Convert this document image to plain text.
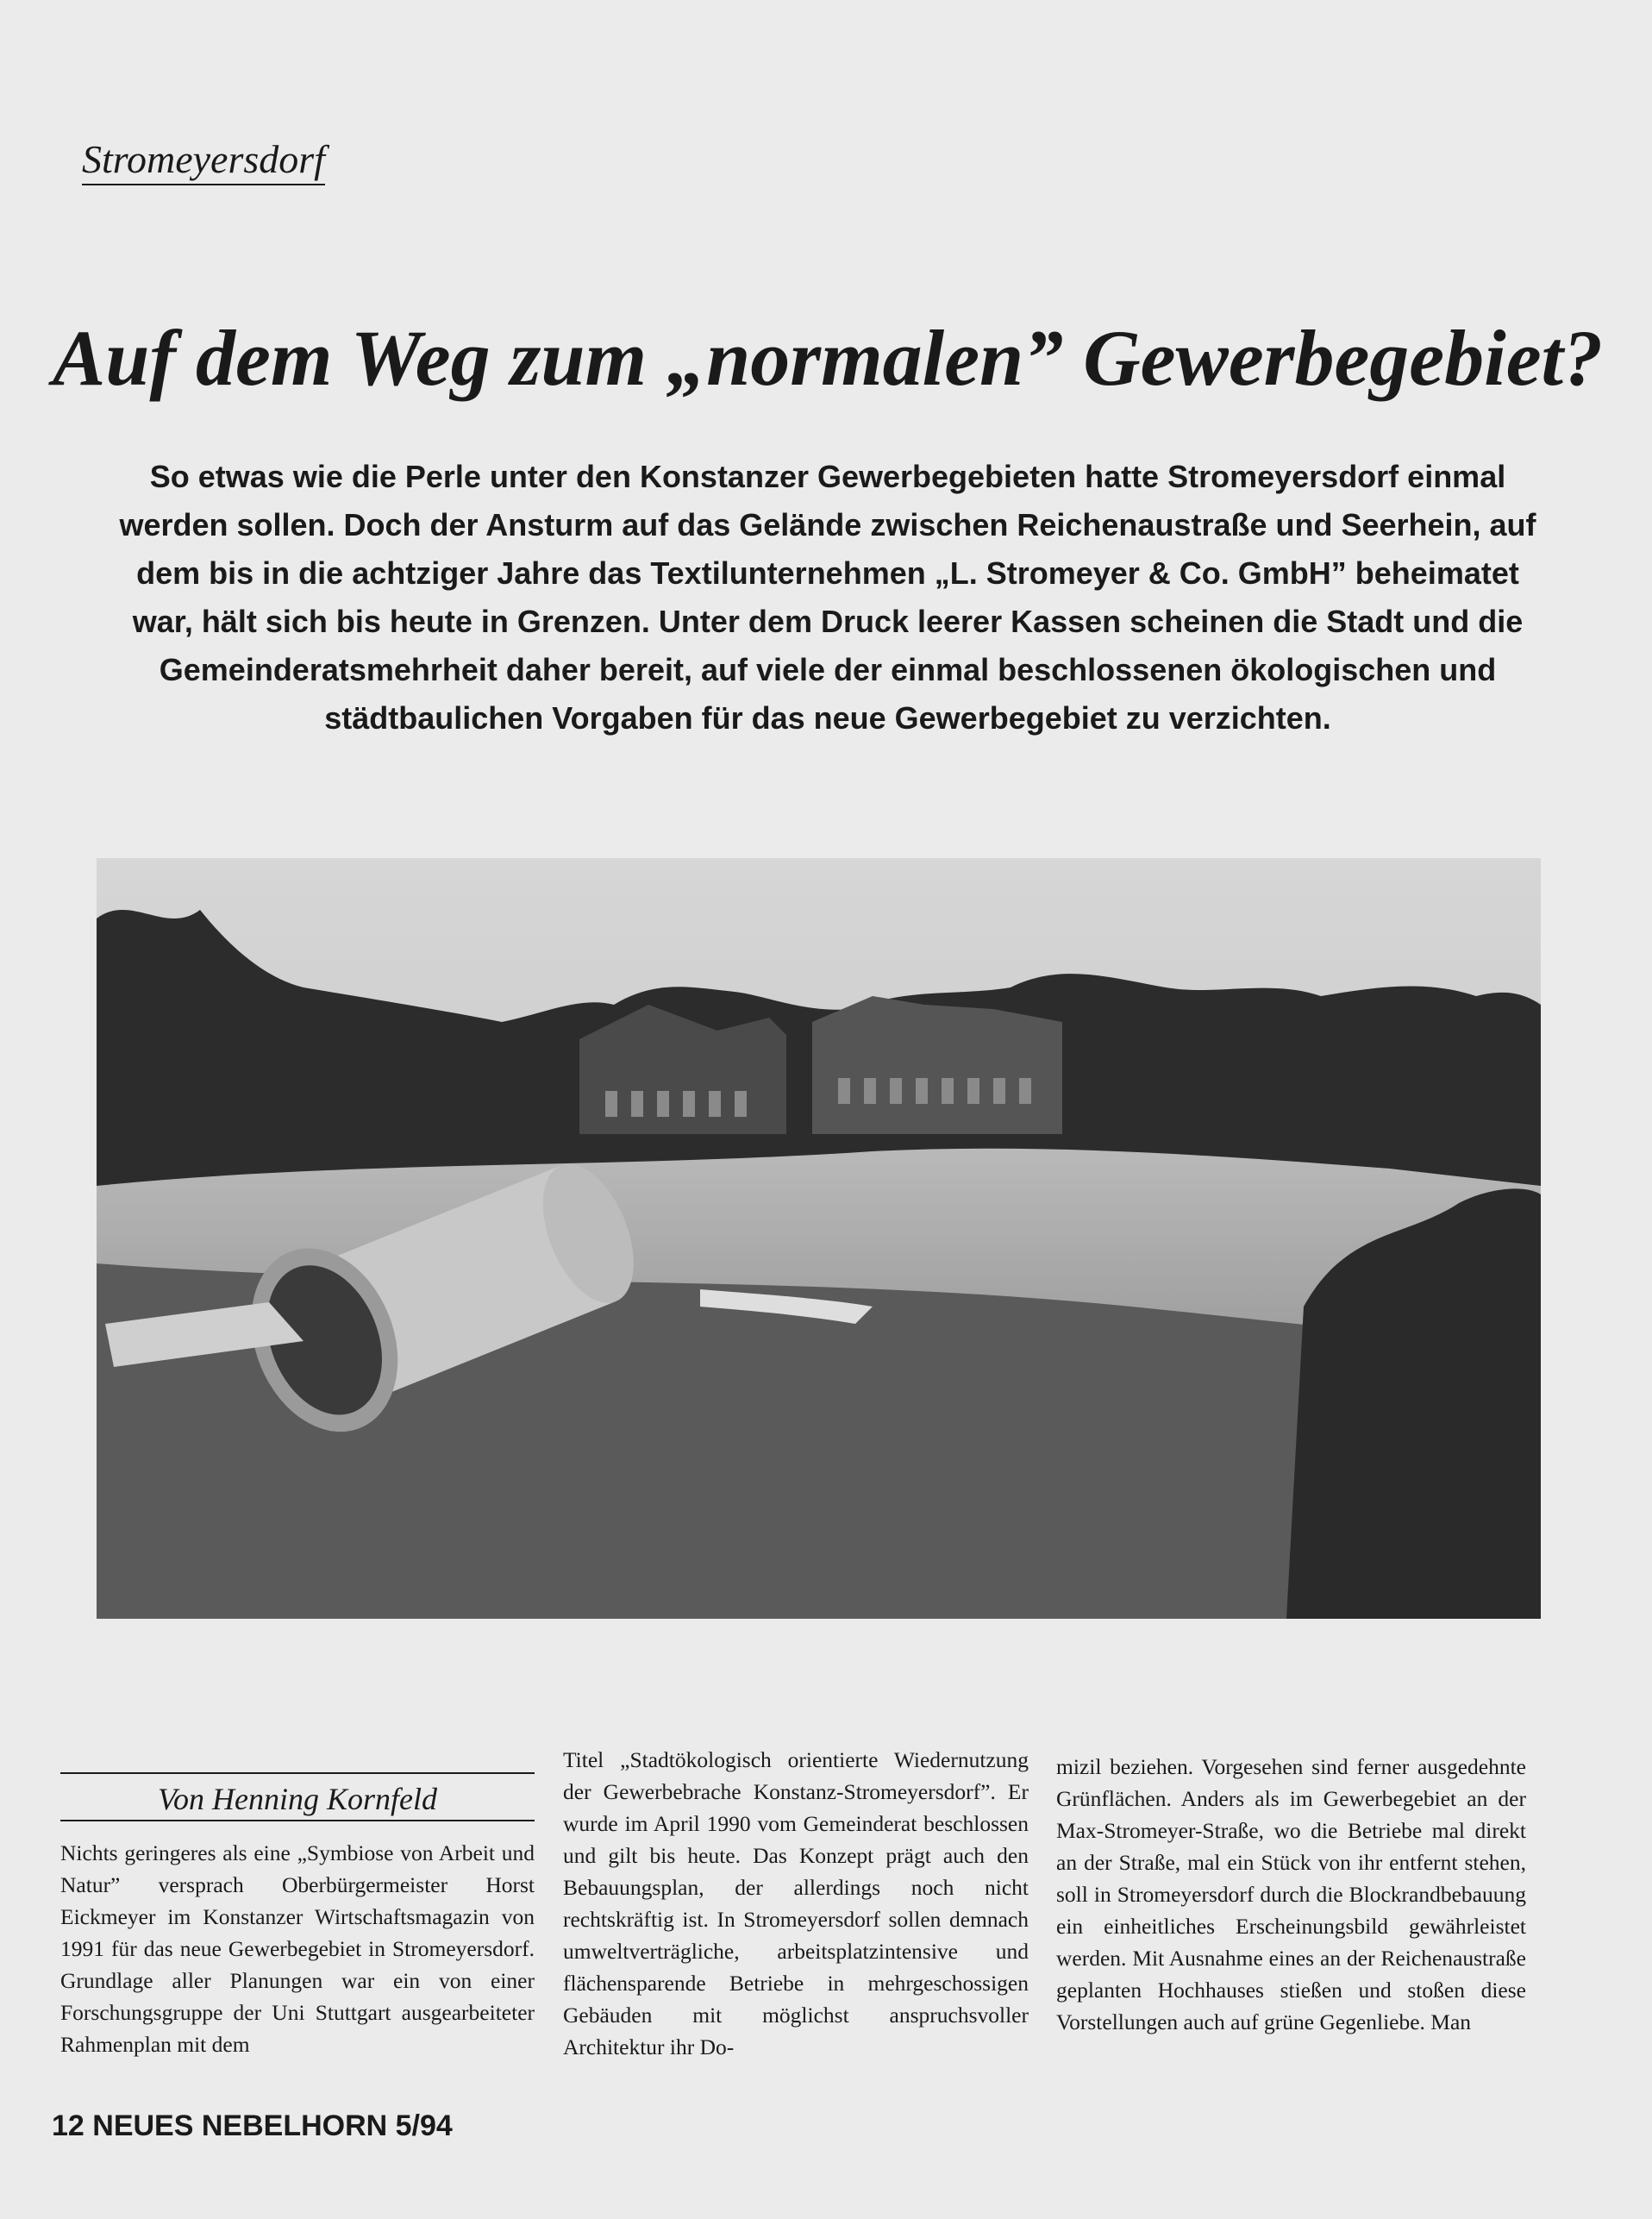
Stromeyersdorf
Auf dem Weg zum „normalen” Gewerbegebiet?

So etwas wie die Perle unter den Konstanzer Gewerbegebieten hatte Stromeyersdorf einmal werden sollen. Doch der Ansturm auf das Gelände zwischen Reichenaustraße und Seerhein, auf dem bis in die achtziger Jahre das Textilunternehmen „L. Stromeyer & Co. GmbH” beheimatet war, hält sich bis heute in Grenzen. Unter dem Druck leerer Kassen scheinen die Stadt und die Gemeinderatsmehrheit daher bereit, auf viele der einmal beschlossenen ökologischen und städtbaulichen Vorgaben für das neue Gewerbegebiet zu verzichten.

Von Henning Kornfeld

Nichts geringeres als eine „Symbiose von Arbeit und Natur” versprach Oberbürgermeister Horst Eickmeyer im Konstanzer Wirtschaftsmagazin von 1991 für das neue Gewerbegebiet in Stromeyersdorf. Grundlage aller Planungen war ein von einer Forschungsgruppe der Uni Stuttgart ausgearbeiteter Rahmenplan mit dem

Titel „Stadtökologisch orientierte Wiedernutzung der Gewerbebrache Konstanz-Stromeyersdorf”. Er wurde im April 1990 vom Gemeinderat beschlossen und gilt bis heute. Das Konzept prägt auch den Bebauungsplan, der allerdings noch nicht rechtskräftig ist. In Stromeyersdorf sollen demnach umweltverträgliche, arbeitsplatzintensive und flächensparende Betriebe in mehrgeschossigen Gebäuden mit möglichst anspruchsvoller Architektur ihr Do-

mizil beziehen. Vorgesehen sind ferner ausgedehnte Grünflächen. Anders als im Gewerbegebiet an der Max-Stromeyer-Straße, wo die Betriebe mal direkt an der Straße, mal ein Stück von ihr entfernt stehen, soll in Stromeyersdorf durch die Blockrandbebauung ein einheitliches Erscheinungsbild gewährleistet werden. Mit Ausnahme eines an der Reichenaustraße geplanten Hochhauses stießen und stoßen diese Vorstellungen auch auf grüne Gegenliebe. Man

12 NEUES NEBELHORN 5/94
